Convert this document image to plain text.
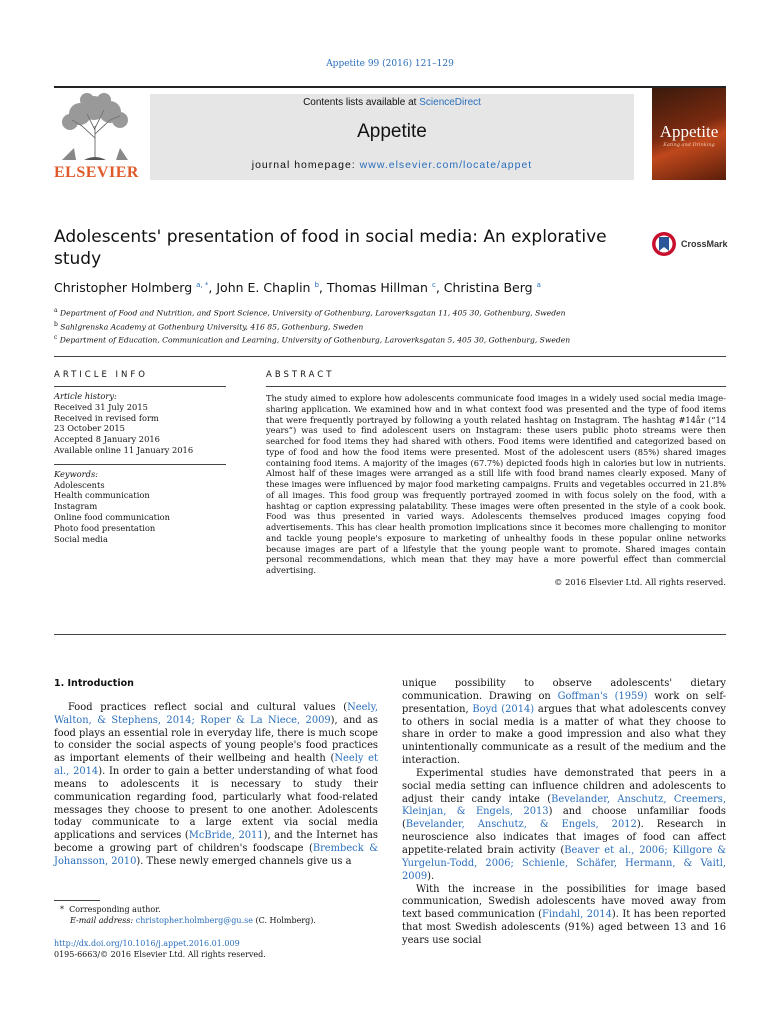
Appetite 99 (2016) 121–129
ELSEVIER
Contents lists available at ScienceDirect
Appetite
journal homepage: www.elsevier.com/locate/appet
Appetite
Eating and Drinking
Adolescents' presentation of food in social media: An explorative study
CrossMark
Christopher Holmberg $^{a, *}$, John E. Chaplin $^b$, Thomas Hillman $^c$, Christina Berg $^a$
$^a$ Department of Food and Nutrition, and Sport Science, University of Gothenburg, Laroverksgatan 11, 405 30, Gothenburg, Sweden
$^b$ Sahlgrenska Academy at Gothenburg University, 416 85, Gothenburg, Sweden
$^c$ Department of Education, Communication and Learning, University of Gothenburg, Laroverksgatan 5, 405 30, Gothenburg, Sweden
ARTICLE INFO	ABSTRACT
Article history:
Received 31 July 2015
Received in revised form
23 October 2015
Accepted 8 January 2016
Available online 11 January 2016
Keywords:
Adolescents
Health communication
Instagram
Online food communication
Photo food presentation
Social media
The study aimed to explore how adolescents communicate food images in a widely used social media image-sharing application. We examined how and in what context food was presented and the type of food items that were frequently portrayed by following a youth related hashtag on Instagram. The hashtag #14år (“14 years”) was used to find adolescent users on Instagram: these users public photo streams were then searched for food items they had shared with others. Food items were identified and categorized based on type of food and how the food items were presented. Most of the adolescent users (85%) shared images containing food items. A majority of the images (67.7%) depicted foods high in calories but low in nutrients. Almost half of these images were arranged as a still life with food brand names clearly exposed. Many of these images were influenced by major food marketing campaigns. Fruits and vegetables occurred in 21.8% of all images. This food group was frequently portrayed zoomed in with focus solely on the food, with a hashtag or caption expressing palatability. These images were often presented in the style of a cook book. Food was thus presented in varied ways. Adolescents themselves produced images copying food advertisements. This has clear health promotion implications since it becomes more challenging to monitor and tackle young people's exposure to marketing of unhealthy foods in these popular online networks because images are part of a lifestyle that the young people want to promote. Shared images contain personal recommendations, which mean that they may have a more powerful effect than commercial advertising.
© 2016 Elsevier Ltd. All rights reserved.
1. Introduction

Food practices reflect social and cultural values (Neely, Walton, & Stephens, 2014; Roper & La Niece, 2009), and as food plays an essential role in everyday life, there is much scope to consider the social aspects of young people's food practices as important elements of their wellbeing and health (Neely et al., 2014). In order to gain a better understanding of what food means to adolescents it is necessary to study their communication regarding food, particularly what food-related messages they choose to present to one another. Adolescents today communicate to a large extent via social media applications and services (McBride, 2011), and the Internet has become a growing part of children's foodscape (Brembeck & Johansson, 2010). These newly emerged channels give us a

unique possibility to observe adolescents' dietary communication. Drawing on Goffman's (1959) work on self-presentation, Boyd (2014) argues that what adolescents convey to others in social media is a matter of what they choose to share in order to make a good impression and also what they unintentionally communicate as a result of the medium and the interaction.

Experimental studies have demonstrated that peers in a social media setting can influence children and adolescents to adjust their candy intake (Bevelander, Anschutz, Creemers, Kleinjan, & Engels, 2013) and choose unfamiliar foods (Bevelander, Anschutz, & Engels, 2012). Research in neuroscience also indicates that images of food can affect appetite-related brain activity (Beaver et al., 2006; Killgore & Yurgelun-Todd, 2006; Schienle, Schäfer, Hermann, & Vaitl, 2009).

With the increase in the possibilities for image based communication, Swedish adolescents have moved away from text based communication (Findahl, 2014). It has been reported that most Swedish adolescents (91%) aged between 13 and 16 years use social

* Corresponding author.
E-mail address: christopher.holmberg@gu.se (C. Holmberg).
http://dx.doi.org/10.1016/j.appet.2016.01.009
0195-6663/© 2016 Elsevier Ltd. All rights reserved.
